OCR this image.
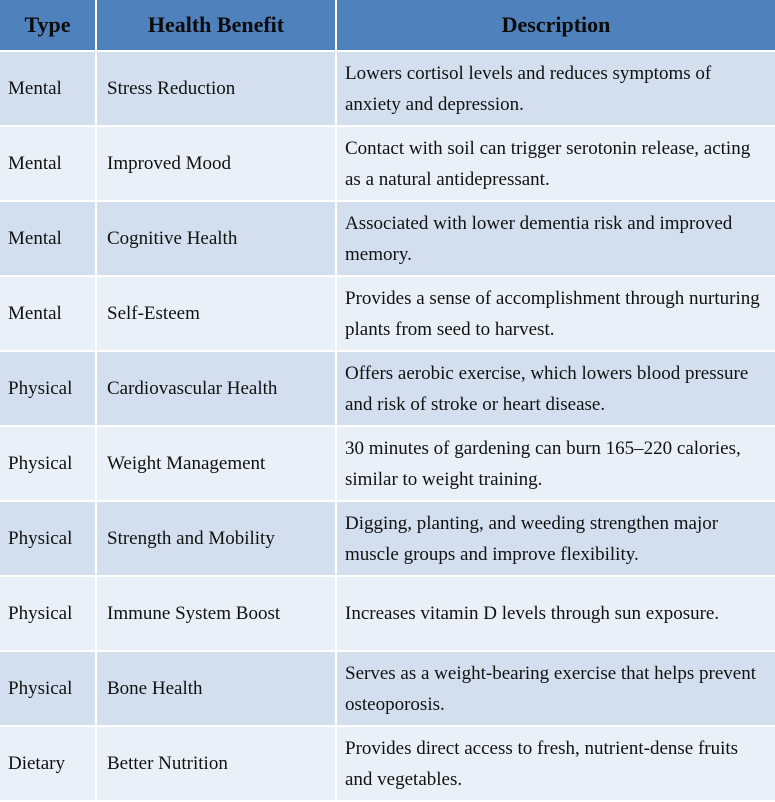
Type	Health Benefit	Description
Mental	Stress Reduction	Lowers cortisol levels and reduces symptoms of anxiety and depression.
Mental	Improved Mood	Contact with soil can trigger serotonin release, acting as a natural antidepressant.
Mental	Cognitive Health	Associated with lower dementia risk and improved memory.
Mental	Self-Esteem	Provides a sense of accomplishment through nurturing plants from seed to harvest.
Physical	Cardiovascular Health	Offers aerobic exercise, which lowers blood pressure and risk of stroke or heart disease.
Physical	Weight Management	30 minutes of gardening can burn 165–220 calories, similar to weight training.
Physical	Strength and Mobility	Digging, planting, and weeding strengthen major muscle groups and improve flexibility.
Physical	Immune System Boost	Increases vitamin D levels through sun exposure.
Physical	Bone Health	Serves as a weight-bearing exercise that helps prevent osteoporosis.
Dietary	Better Nutrition	Provides direct access to fresh, nutrient-dense fruits and vegetables.
